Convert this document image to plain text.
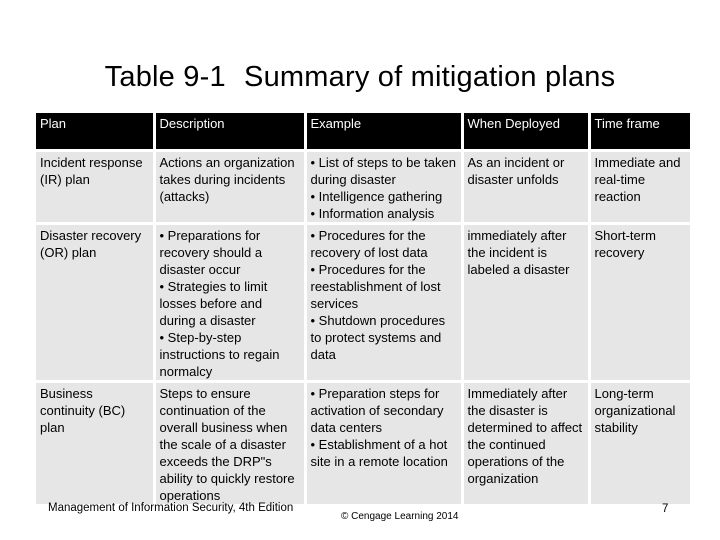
Table 9-1 Summary of mitigation plans
Plan	Description	Example	When Deployed	Time frame

Incident response (IR) plan	Actions an organization takes during incidents (attacks)	• List of steps to be taken during disaster
• Intelligence gathering
• Information analysis	As an incident or disaster unfolds	Immediate and real-time reaction

Disaster recovery (OR) plan	• Preparations for recovery should a disaster occur
• Strategies to limit losses before and during a disaster
• Step-by-step instructions to regain normalcy	• Procedures for the recovery of lost data
• Procedures for the reestablishment of lost services
• Shutdown procedures to protect systems and data	immediately after the incident is labeled a disaster	Short-term recovery

Business continuity (BC) plan	Steps to ensure continuation of the overall business when the scale of a disaster exceeds the DRP"s ability to quickly restore operations	• Preparation steps for activation of secondary data centers
• Establishment of a hot site in a remote location	Immediately after the disaster is determined to affect the continued operations of the organization	Long-term organizational stability
Management of Information Security, 4th Edition
© Cengage Learning 2014
7
